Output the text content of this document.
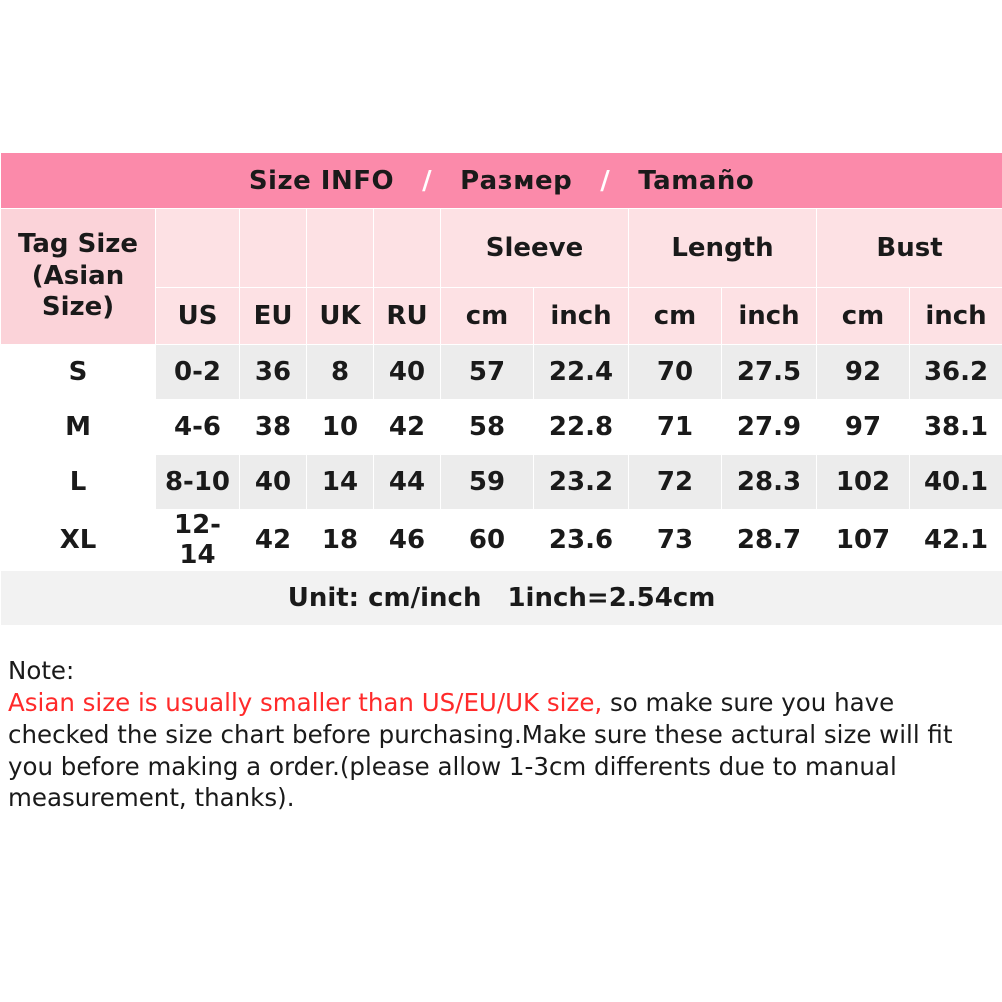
Size INFO / Размер / Tamaño										

Tag Size
(Asian
Size)					Sleeve		Length		Bust	
	US	EU	UK	RU	cm	inch	cm	inch	cm	inch
S	0-2	36	8	40	57	22.4	70	27.5	92	36.2
M	4-6	38	10	42	58	22.8	71	27.9	97	38.1
L	8-10	40	14	44	59	23.2	72	28.3	102	40.1
XL	12-14	42	18	46	60	23.6	73	28.7	107	42.1
Unit: cm/inch 1inch=2.54cm										
Note:
Asian size is usually smaller than US/EU/UK size, so make sure you have checked the size chart before purchasing.Make sure these actural size will fit you before making a order.(please allow 1-3cm differents due to manual measurement, thanks).
